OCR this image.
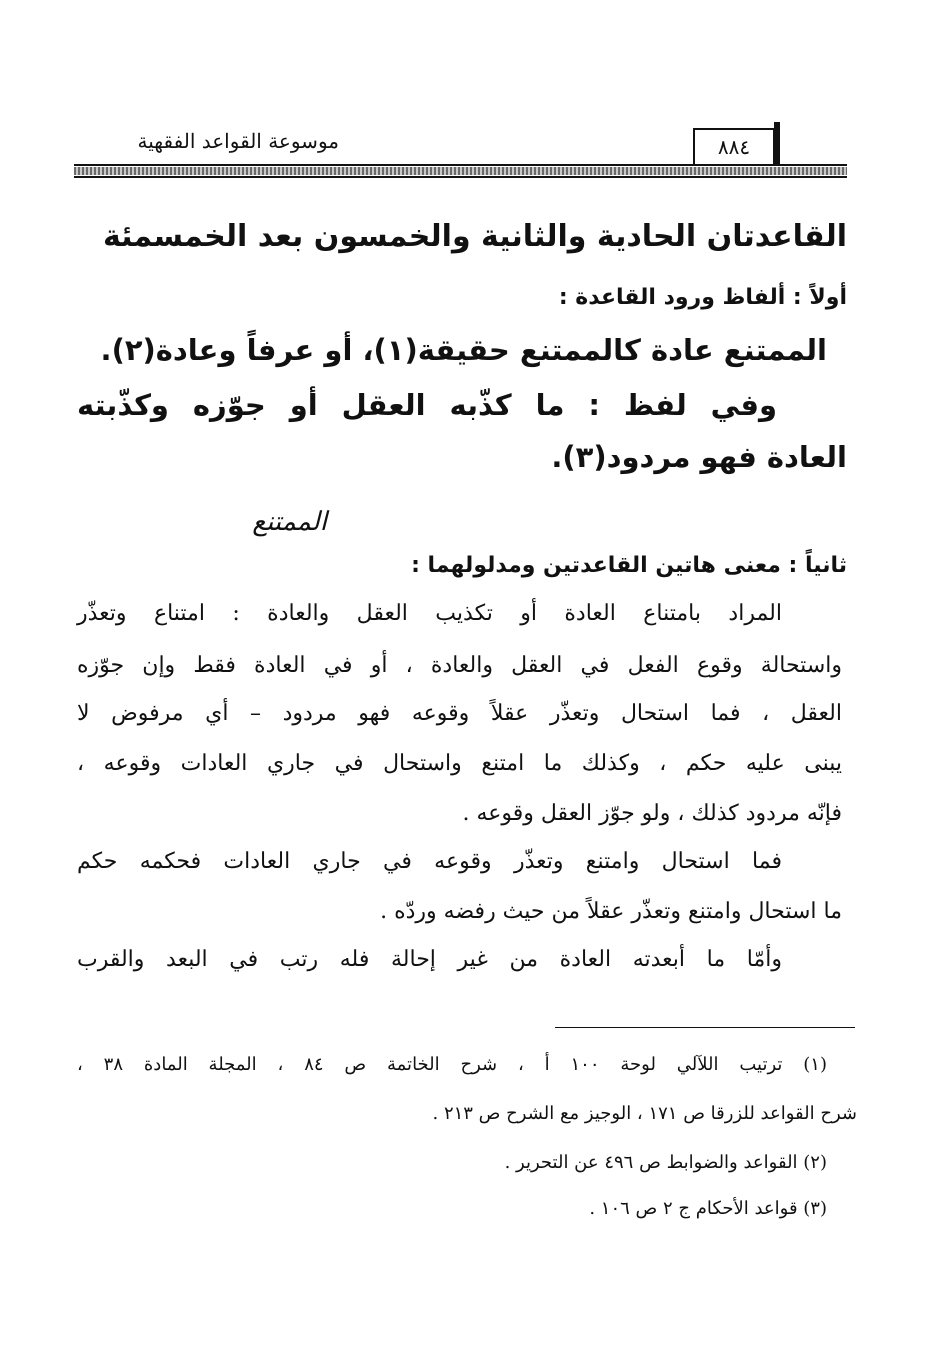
موسوعة القواعد الفقهية	٨٨٤
القاعدتان الحادية والثانية والخمسون بعد الخمسمئة
أولاً : ألفاظ ورود القاعدة :
الممتنع عادة كالممتنع حقيقة(١)، أو عرفاً وعادة(٢).
وفي لفظ : ما كذّبه العقل أو جوّزه وكذّبته
العادة فهو مردود(٣).
الممتنع
ثانياً : معنى هاتين القاعدتين ومدلولهما :
المراد بامتناع العادة أو تكذيب العقل والعادة : امتناع وتعذّر
واستحالة وقوع الفعل في العقل والعادة ، أو في العادة فقط وإن جوّزه
العقل ، فما استحال وتعذّر عقلاً وقوعه فهو مردود – أي مرفوض لا
يبنى عليه حكم ، وكذلك ما امتنع واستحال في جاري العادات وقوعه ،
فإنّه مردود كذلك ، ولو جوّز العقل وقوعه .
فما استحال وامتنع وتعذّر وقوعه في جاري العادات فحكمه حكم
ما استحال وامتنع وتعذّر عقلاً من حيث رفضه وردّه .
وأمّا ما أبعدته العادة من غير إحالة فله رتب في البعد والقرب
(١) ترتيب اللآلي لوحة ١٠٠ أ ، شرح الخاتمة ص ٨٤ ، المجلة المادة ٣٨ ،
شرح القواعد للزرقا ص ١٧١ ، الوجيز مع الشرح ص ٢١٣ .
(٢) القواعد والضوابط ص ٤٩٦ عن التحرير .
(٣) قواعد الأحكام ج ٢ ص ١٠٦ .
